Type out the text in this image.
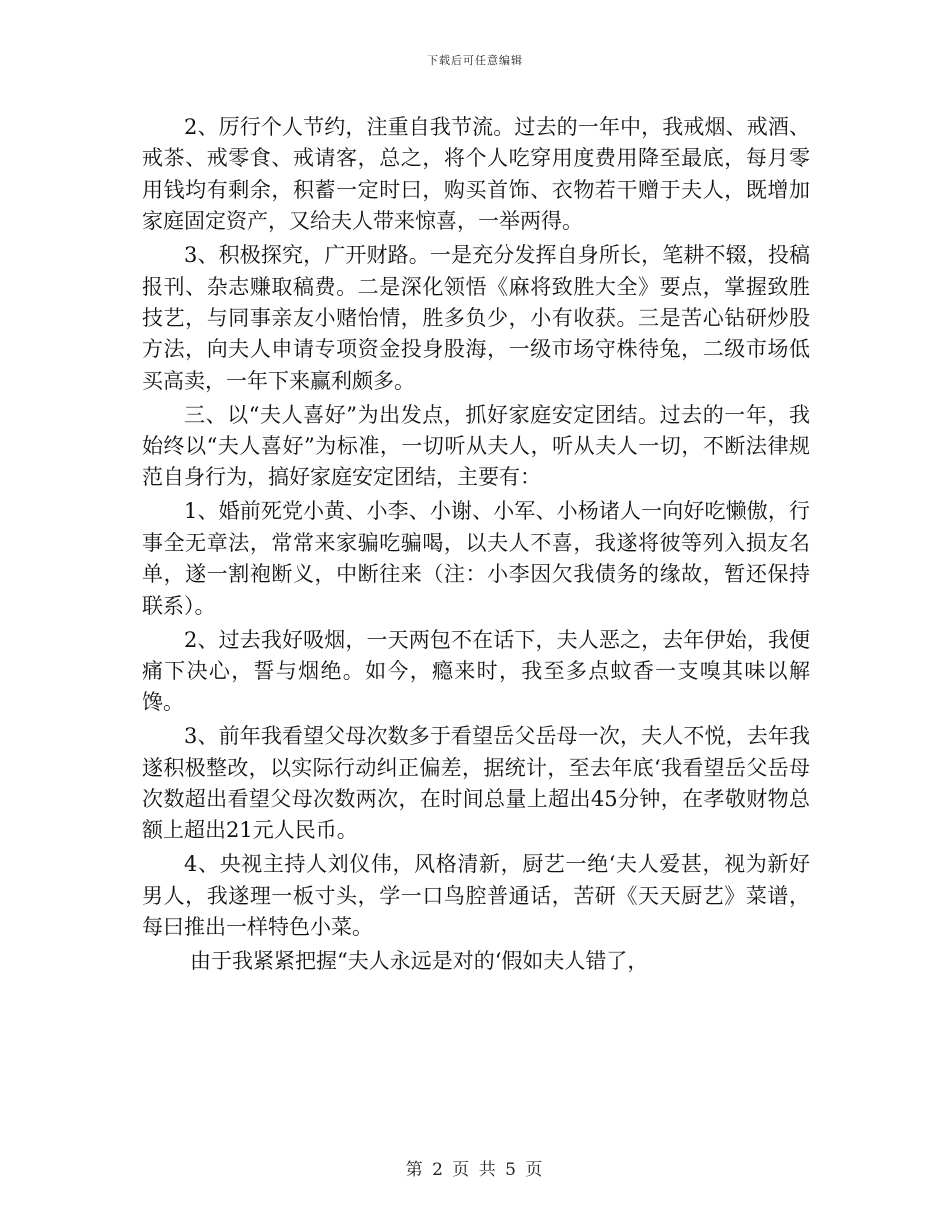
下载后可任意编辑

2、厉行个人节约，注重自我节流。过去的一年中，我戒烟、戒酒、戒茶、戒零食、戒请客，总之，将个人吃穿用度费用降至最底，每月零用钱均有剩余，积蓄一定时曰，购买首饰、衣物若干赠于夫人，既增加家庭固定资产，又给夫人带来惊喜，一举两得。

3、积极探究，广开财路。一是充分发挥自身所长，笔耕不辍，投稿报刊、杂志赚取稿费。二是深化领悟《麻将致胜大全》要点，掌握致胜技艺，与同事亲友小赌怡情，胜多负少，小有收获。三是苦心钻研炒股方法，向夫人申请专项资金投身股海，一级市场守株待兔，二级市场低买高卖，一年下来赢利颇多。

三、以“夫人喜好”为出发点，抓好家庭安定团结。过去的一年，我始终以“夫人喜好”为标准，一切听从夫人，听从夫人一切，不断法律规范自身行为，搞好家庭安定团结，主要有：

1、婚前死党小黄、小李、小谢、小军、小杨诸人一向好吃懒傲，行事全无章法，常常来家骗吃骗喝，以夫人不喜，我遂将彼等列入损友名单，遂一割袍断义，中断往来（注：小李因欠我债务的缘故，暂还保持联系）。

2、过去我好吸烟，一天两包不在话下，夫人恶之，去年伊始，我便痛下决心，誓与烟绝。如今，瘾来时，我至多点蚊香一支嗅其味以解馋。

3、前年我看望父母次数多于看望岳父岳母一次，夫人不悦，去年我遂积极整改，以实际行动纠正偏差，据统计，至去年底‘我看望岳父岳母次数超出看望父母次数两次，在时间总量上超出45分钟，在孝敬财物总额上超出21元人民币。

4、央视主持人刘仪伟，风格清新，厨艺一绝‘夫人爱甚，视为新好男人，我遂理一板寸头，学一口鸟腔普通话，苦研《天天厨艺》菜谱，每曰推出一样特色小菜。

由于我紧紧把握“夫人永远是对的‘假如夫人错了，

第 2 页 共 5 页
